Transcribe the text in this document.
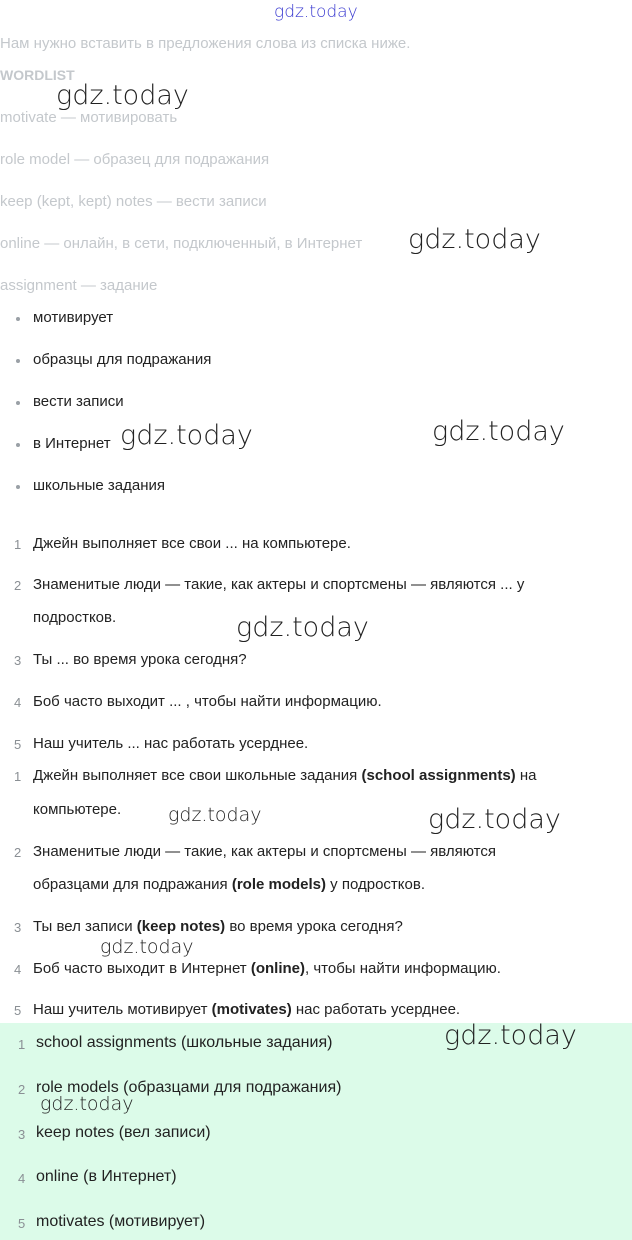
gdz.today
Нам нужно вставить в предложения слова из списка ниже.
WORDLIST
motivate — мотивировать
role model — образец для подражания
keep (kept, kept) notes — вести записи
online — онлайн, в сети, подключенный, в Интернет
assignment — задание
мотивирует
образцы для подражания
вести записи
в Интернет
школьные задания
1 Джейн выполняет все свои ... на компьютере.
2 Знаменитые люди — такие, как актеры и спортсмены — являются ... у
подростков.
3 Ты ... во время урока сегодня?
4 Боб часто выходит ... , чтобы найти информацию.
5 Наш учитель ... нас работать усерднее.
1 Джейн выполняет все свои школьные задания (school assignments) на
компьютере.
2 Знаменитые люди — такие, как актеры и спортсмены — являются
образцами для подражания (role models) у подростков.
3 Ты вел записи (keep notes) во время урока сегодня?
4 Боб часто выходит в Интернет (online), чтобы найти информацию.
5 Наш учитель мотивирует (motivates) нас работать усерднее.
1 school assignments (школьные задания)
2 role models (образцами для подражания)
3 keep notes (вел записи)
4 online (в Интернет)
5 motivates (мотивирует)
gdz.today
gdz.today
gdz.today	gdz.today
gdz.today
gdz.today	gdz.today
gdz.today
gdz.today
gdz.today
